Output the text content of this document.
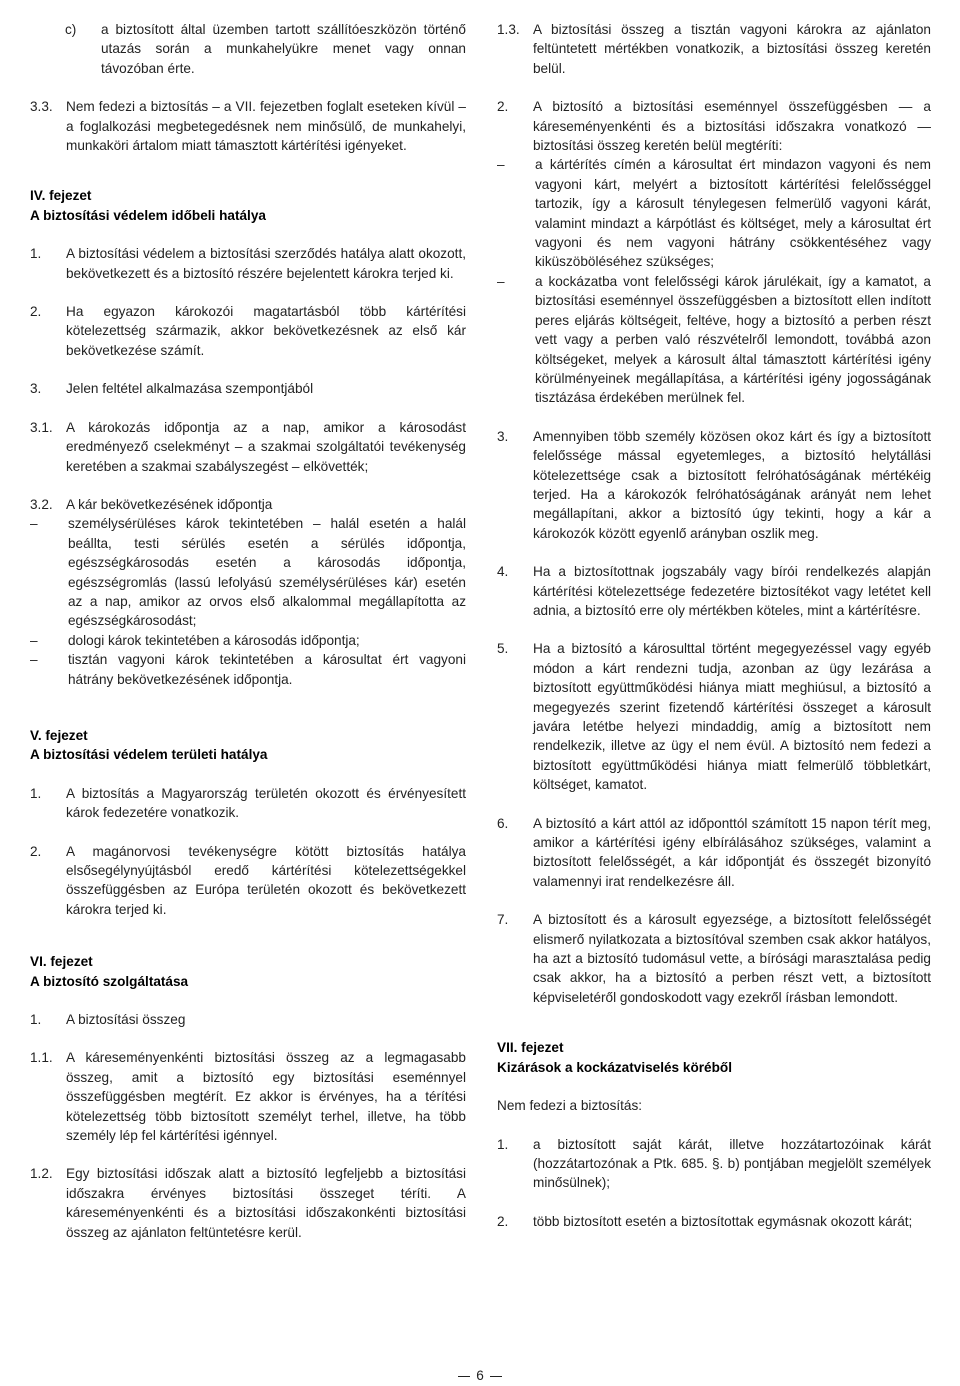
c)	a biztosított által üzemben tartott szállítóeszközön történő utazás során a munkahelyükre menet vagy onnan távozóban érte.
3.3. Nem fedezi a biztosítás – a VII. fejezetben foglalt eseteken kívül – a foglalkozási megbetegedésnek nem minősülő, de munkahelyi, munkaköri ártalom miatt támasztott kártérítési igényeket.
IV. fejezet
A biztosítási védelem időbeli hatálya
1.	A biztosítási védelem a biztosítási szerződés hatálya alatt okozott, bekövetkezett és a biztosító részére bejelentett károkra terjed ki.
2.	Ha egyazon károkozói magatartásból több kártérítési kötelezettség származik, akkor bekövetkezésnek az első kár bekövetkezése számít.
3.	Jelen feltétel alkalmazása szempontjából
3.1. A károkozás időpontja az a nap, amikor a károsodást eredményező cselekményt – a szakmai szolgáltatói tevékenység keretében a szakmai szabályszegést – elkövették;
3.2. A kár bekövetkezésének időpontja
–	személysérüléses károk tekintetében – halál esetén a halál beállta, testi sérülés esetén a sérülés időpontja, egészségkárosodás esetén a károsodás időpontja, egészségromlás (lassú lefolyású személysérüléses kár) esetén az a nap, amikor az orvos első alkalommal megállapította az egészségkárosodást;
–	dologi károk tekintetében a károsodás időpontja;
–	tisztán vagyoni károk tekintetében a károsultat ért vagyoni hátrány bekövetkezésének időpontja.
V. fejezet
A biztosítási védelem területi hatálya
1.	A biztosítás a Magyarország területén okozott és érvényesített károk fedezetére vonatkozik.
2.	A magánorvosi tevékenységre kötött biztosítás hatálya elsősegélynyújtásból eredő kártérítési kötelezettségekkel összefüggésben az Európa területén okozott és bekövetkezett károkra terjed ki.
VI. fejezet
A biztosító szolgáltatása
1.	A biztosítási összeg
1.1. A káreseményenkénti biztosítási összeg az a legmagasabb összeg, amit a biztosító egy biztosítási eseménnyel összefüggésben megtérít. Ez akkor is érvényes, ha a térítési kötelezettség több biztosított személyt terhel, illetve, ha több személy lép fel kártérítési igénnyel.
1.2. Egy biztosítási időszak alatt a biztosító legfeljebb a biztosítási időszakra érvényes biztosítási összeget téríti. A káreseményenkénti és a biztosítási időszakonkénti biztosítási összeg az ajánlaton feltüntetésre kerül.
1.3. A biztosítási összeg a tisztán vagyoni károkra az ajánlaton feltüntetett mértékben vonatkozik, a biztosítási összeg keretén belül.
2.	A biztosító a biztosítási eseménnyel összefüggésben — a káreseményenkénti és a biztosítási időszakra vonatkozó — biztosítási összeg keretén belül megtéríti:
–	a kártérítés címén a károsultat ért mindazon vagyoni és nem vagyoni kárt, melyért a biztosított kártérítési felelősséggel tartozik, így a károsult ténylegesen felmerülő vagyoni kárát, valamint mindazt a kárpótlást és költséget, mely a károsultat ért vagyoni és nem vagyoni hátrány csökkentéséhez vagy kiküszöböléséhez szükséges;
–	a kockázatba vont felelősségi károk járulékait, így a kamatot, a biztosítási eseménnyel összefüggésben a biztosított ellen indított peres eljárás költségeit, feltéve, hogy a biztosító a perben részt vett vagy a perben való részvételről lemondott, továbbá azon költségeket, melyek a károsult által támasztott kártérítési igény körülményeinek megállapítása, a kártérítési igény jogosságának tisztázása érdekében merülnek fel.
3.	Amennyiben több személy közösen okoz kárt és így a biztosított felelőssége mással egyetemleges, a biztosító helytállási kötelezettsége csak a biztosított felróhatóságának mértékéig terjed. Ha a károkozók felróhatóságának arányát nem lehet megállapítani, akkor a biztosító úgy tekinti, hogy a kár a károkozók között egyenlő arányban oszlik meg.
4.	Ha a biztosítottnak jogszabály vagy bírói rendelkezés alapján kártérítési kötelezettsége fedezetére biztosítékot vagy letétet kell adnia, a biztosító erre oly mértékben köteles, mint a kártérítésre.
5.	Ha a biztosító a károsulttal történt megegyezéssel vagy egyéb módon a kárt rendezni tudja, azonban az ügy lezárása a biztosított együttműködési hiánya miatt meghiúsul, a biztosító a megegyezés szerint fizetendő kártérítési összeget a károsult javára letétbe helyezi mindaddig, amíg a biztosított nem rendelkezik, illetve az ügy el nem évül. A biztosító nem fedezi a biztosított együttműködési hiánya miatt felmerülő többletkárt, költséget, kamatot.
6.	A biztosító a kárt attól az időponttól számított 15 napon térít meg, amikor a kártérítési igény elbírálásához szükséges, valamint a biztosított felelősségét, a kár időpontját és összegét bizonyító valamennyi irat rendelkezésre áll.
7.	A biztosított és a károsult egyezsége, a biztosított felelősségét elismerő nyilatkozata a biztosítóval szemben csak akkor hatályos, ha azt a biztosító tudomásul vette, a bírósági marasztalása pedig csak akkor, ha a biztosító a perben részt vett, a biztosított képviseletéről gondoskodott vagy ezekről írásban lemondott.
VII. fejezet
Kizárások a kockázatviselés köréből
Nem fedezi a biztosítás:
1.	a biztosított saját kárát, illetve hozzátartozóinak kárát (hozzátartozónak a Ptk. 685. §. b) pontjában megjelölt személyek minősülnek);
2.	több biztosított esetén a biztosítottak egymásnak okozott kárát;
6
